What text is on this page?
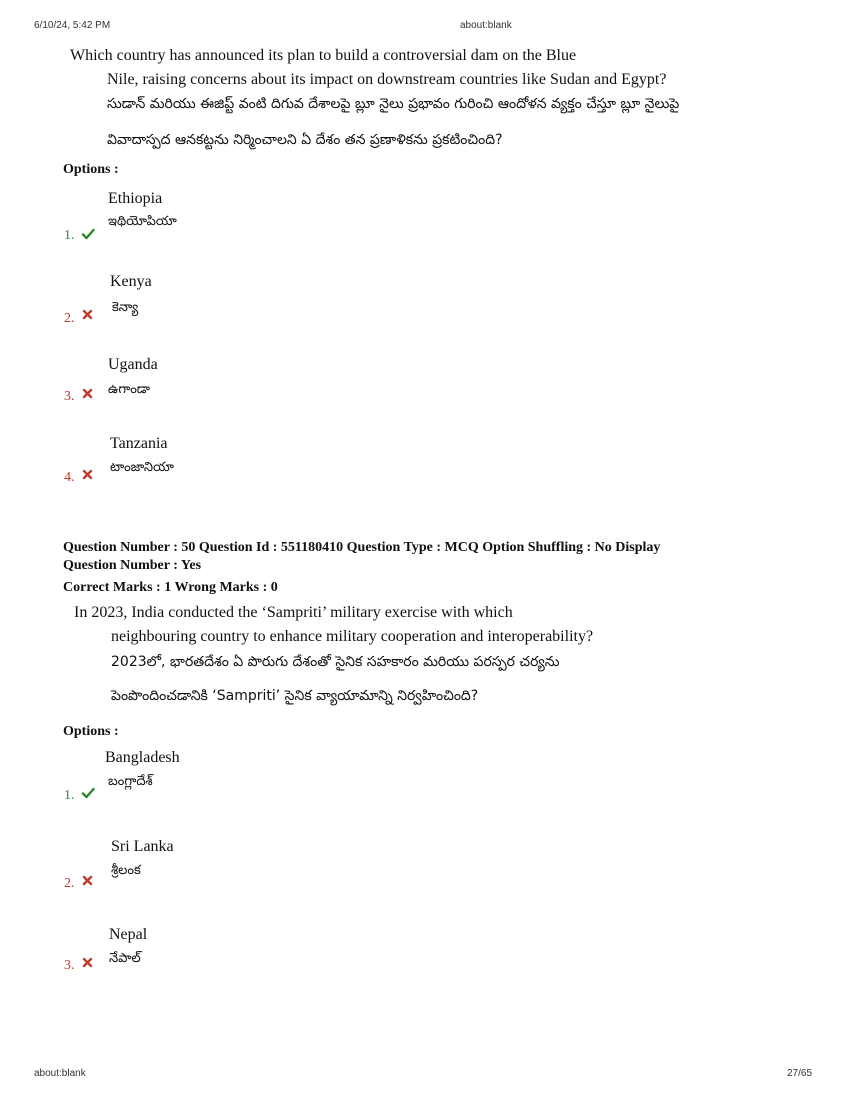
6/10/24, 5:42 PM	about:blank
Which country has announced its plan to build a controversial dam on the Blue
Nile, raising concerns about its impact on downstream countries like Sudan and Egypt?
సుడాన్ మరియు ఈజిప్ట్ వంటి దిగువ దేశాలపై బ్లూ నైలు ప్రభావం గురించి ఆందోళన వ్యక్తం చేస్తూ బ్లూ నైలుపై
వివాదాస్పద ఆనకట్టను నిర్మించాలని ఏ దేశం తన ప్రణాళికను ప్రకటించింది?
Options :
Ethiopia
ఇథియోపియా
1.
Kenya
కెన్యా
2.
Uganda
ఉగాండా
3.
Tanzania
టాంజానియా
4.
Question Number : 50 Question Id : 551180410 Question Type : MCQ Option Shuffling : No Display
Question Number : Yes
Correct Marks : 1 Wrong Marks : 0
In 2023, India conducted the ‘Sampriti’ military exercise with which
neighbouring country to enhance military cooperation and interoperability?
2023లో, భారతదేశం ఏ పొరుగు దేశంతో సైనిక సహకారం మరియు పరస్పర చర్యను
పెంపొందించడానికి ‘Sampriti’ సైనిక వ్యాయామాన్ని నిర్వహించింది?
Options :
Bangladesh
బంగ్లాదేశ్
1.
Sri Lanka
శ్రీలంక
2.
Nepal
నేపాల్
3.
about:blank	27/65
